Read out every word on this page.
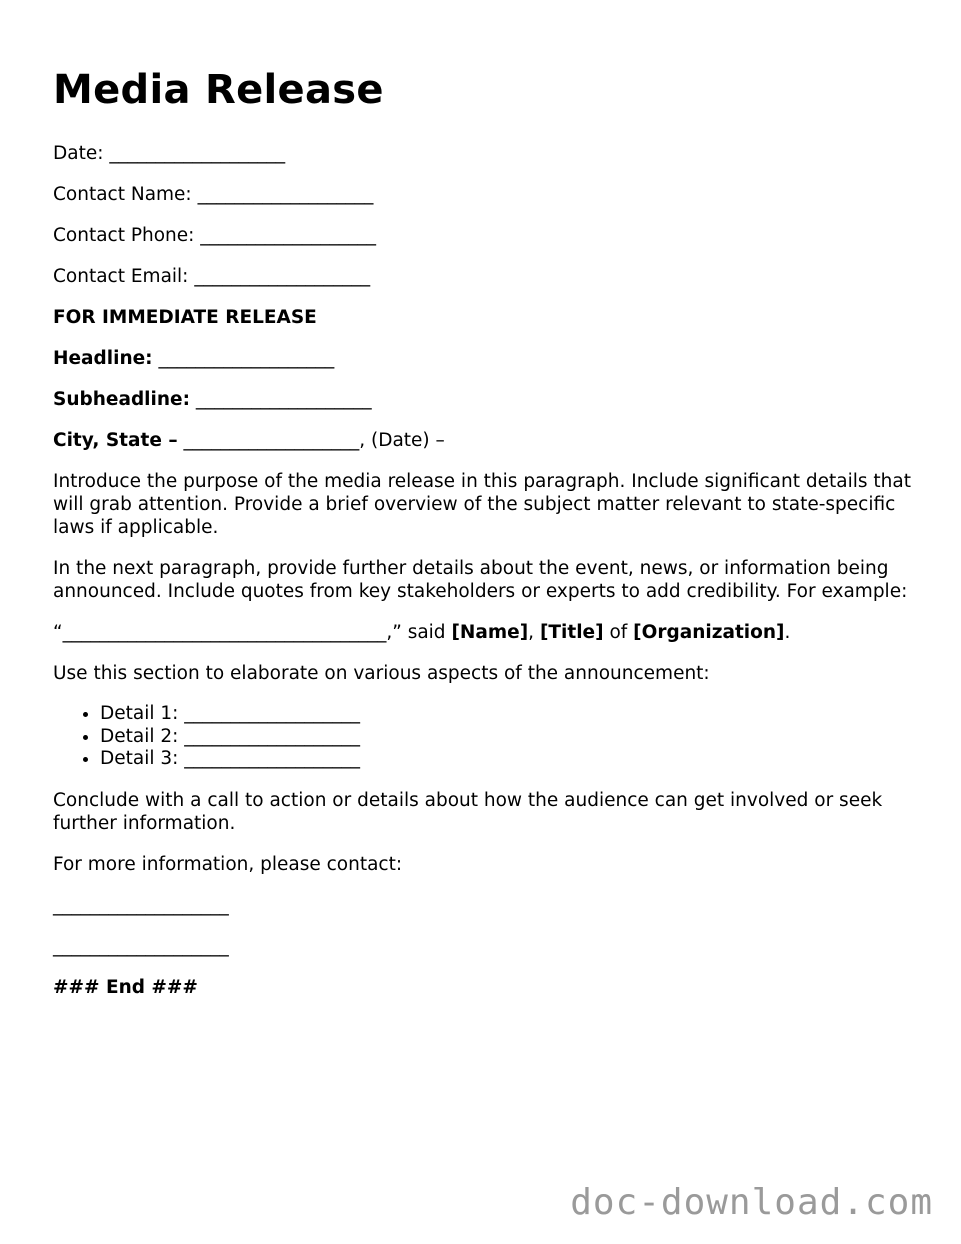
Media Release

Date: ___________________

Contact Name: ___________________

Contact Phone: ___________________

Contact Email: ___________________

FOR IMMEDIATE RELEASE

Headline: ___________________

Subheadline: ___________________

City, State – ___________________, (Date) –

Introduce the purpose of the media release in this paragraph. Include significant details that will grab attention. Provide a brief overview of the subject matter relevant to state-specific laws if applicable.

In the next paragraph, provide further details about the event, news, or information being announced. Include quotes from key stakeholders or experts to add credibility. For example:

“___________________________________,” said [Name], [Title] of [Organization].

Use this section to elaborate on various aspects of the announcement:

• Detail 1: ___________________
• Detail 2: ___________________
• Detail 3: ___________________

Conclude with a call to action or details about how the audience can get involved or seek further information.

For more information, please contact:

___________________

___________________

### End ###

doc-download.com
